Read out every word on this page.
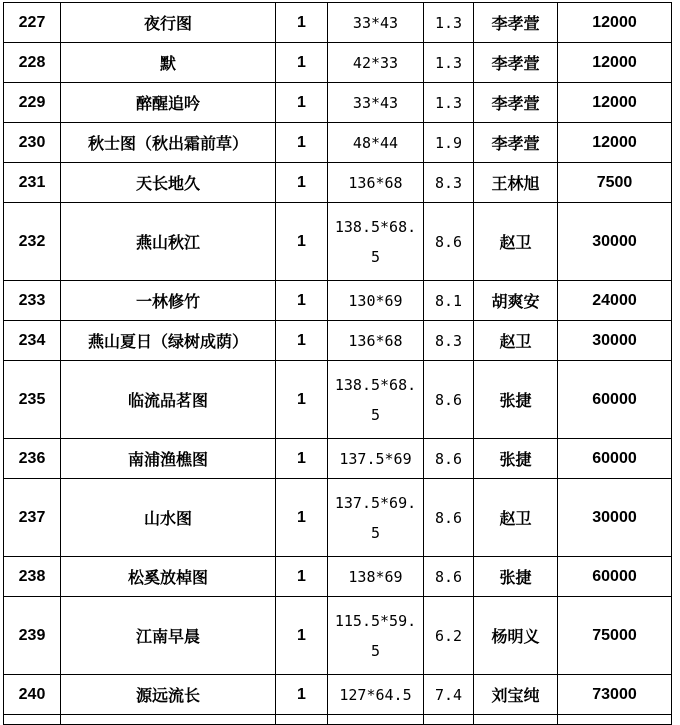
227	夜行图	1	33*43	1.3	李孝萱	12000
228	默	1	42*33	1.3	李孝萱	12000
229	醉醒追吟	1	33*43	1.3	李孝萱	12000
230	秋士图（秋出霜前草）	1	48*44	1.9	李孝萱	12000
231	天长地久	1	136*68	8.3	王林旭	7500
232	燕山秋江	1	138.5*68.5	8.6	赵卫	30000
233	一林修竹	1	130*69	8.1	胡爽安	24000
234	燕山夏日（绿树成荫）	1	136*68	8.3	赵卫	30000
235	临流品茗图	1	138.5*68.5	8.6	张捷	60000
236	南浦渔樵图	1	137.5*69	8.6	张捷	60000
237	山水图	1	137.5*69.5	8.6	赵卫	30000
238	松奚放棹图	1	138*69	8.6	张捷	60000
239	江南早晨	1	115.5*59.5	6.2	杨明义	75000
240	源远流长	1	127*64.5	7.4	刘宝纯	73000
